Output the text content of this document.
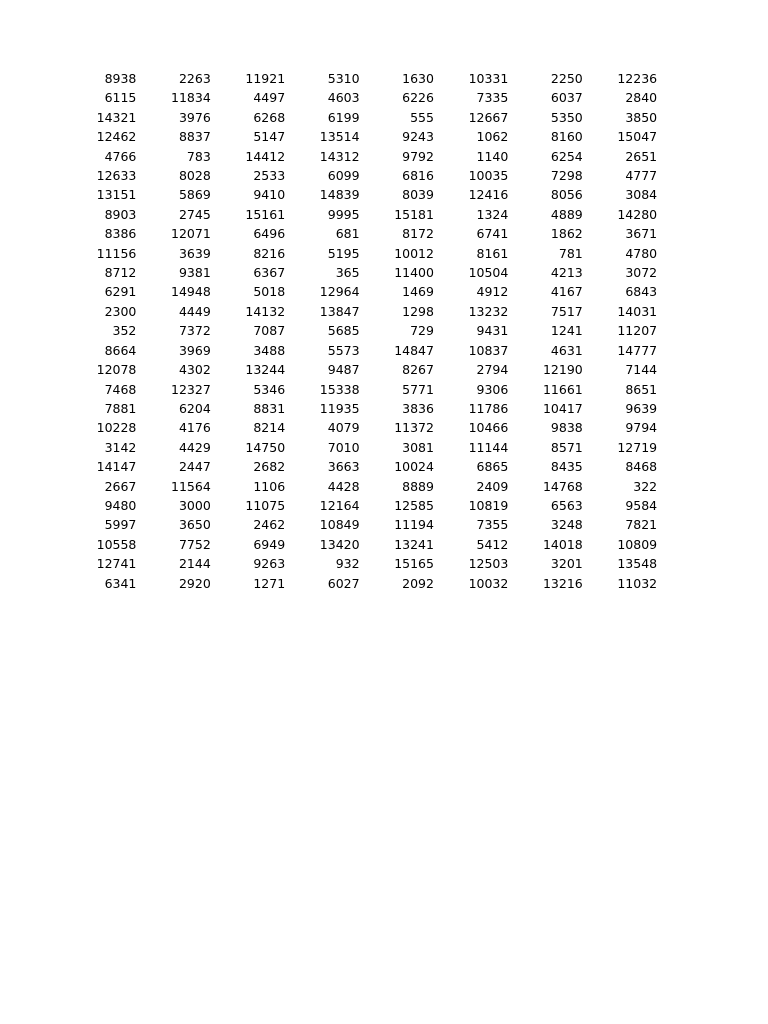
8938	2263	11921	5310	1630	10331	2250	12236
6115	11834	4497	4603	6226	7335	6037	2840
14321	3976	6268	6199	555	12667	5350	3850
12462	8837	5147	13514	9243	1062	8160	15047
4766	783	14412	14312	9792	1140	6254	2651
12633	8028	2533	6099	6816	10035	7298	4777
13151	5869	9410	14839	8039	12416	8056	3084
8903	2745	15161	9995	15181	1324	4889	14280
8386	12071	6496	681	8172	6741	1862	3671
11156	3639	8216	5195	10012	8161	781	4780
8712	9381	6367	365	11400	10504	4213	3072
6291	14948	5018	12964	1469	4912	4167	6843
2300	4449	14132	13847	1298	13232	7517	14031
352	7372	7087	5685	729	9431	1241	11207
8664	3969	3488	5573	14847	10837	4631	14777
12078	4302	13244	9487	8267	2794	12190	7144
7468	12327	5346	15338	5771	9306	11661	8651
7881	6204	8831	11935	3836	11786	10417	9639
10228	4176	8214	4079	11372	10466	9838	9794
3142	4429	14750	7010	3081	11144	8571	12719
14147	2447	2682	3663	10024	6865	8435	8468
2667	11564	1106	4428	8889	2409	14768	322
9480	3000	11075	12164	12585	10819	6563	9584
5997	3650	2462	10849	11194	7355	3248	7821
10558	7752	6949	13420	13241	5412	14018	10809
12741	2144	9263	932	15165	12503	3201	13548
6341	2920	1271	6027	2092	10032	13216	11032
